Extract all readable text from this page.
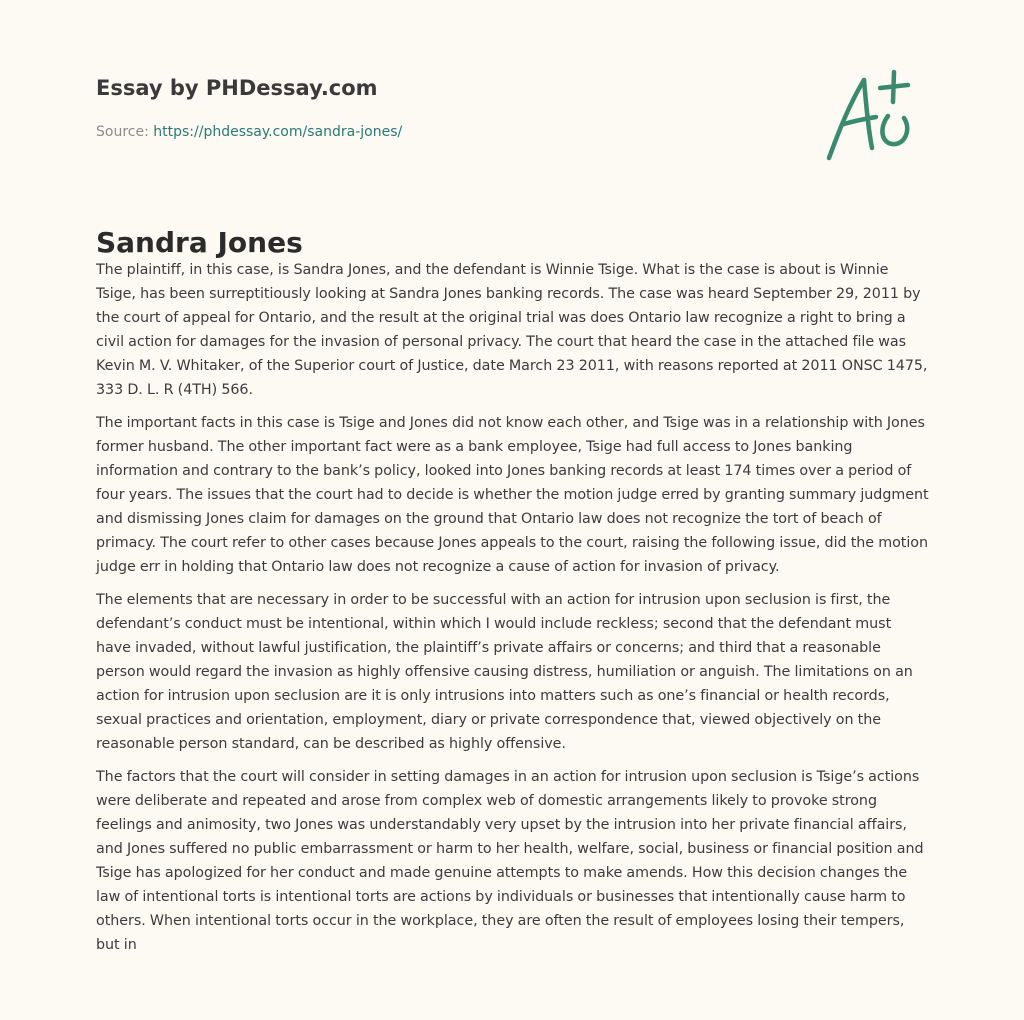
Essay by PHDessay.com

Source: https://phdessay.com/sandra-jones/

Sandra Jones

The plaintiff, in this case, is Sandra Jones, and the defendant is Winnie Tsige. What is the case is about is Winnie Tsige, has been surreptitiously looking at Sandra Jones banking records. The case was heard September 29, 2011 by the court of appeal for Ontario, and the result at the original trial was does Ontario law recognize a right to bring a civil action for damages for the invasion of personal privacy. The court that heard the case in the attached file was Kevin M. V. Whitaker, of the Superior court of Justice, date March 23 2011, with reasons reported at 2011 ONSC 1475, 333 D. L. R (4TH) 566.

The important facts in this case is Tsige and Jones did not know each other, and Tsige was in a relationship with Jones former husband. The other important fact were as a bank employee, Tsige had full access to Jones banking information and contrary to the bank’s policy, looked into Jones banking records at least 174 times over a period of four years. The issues that the court had to decide is whether the motion judge erred by granting summary judgment and dismissing Jones claim for damages on the ground that Ontario law does not recognize the tort of beach of primacy. The court refer to other cases because Jones appeals to the court, raising the following issue, did the motion judge err in holding that Ontario law does not recognize a cause of action for invasion of privacy.

The elements that are necessary in order to be successful with an action for intrusion upon seclusion is first, the defendant’s conduct must be intentional, within which I would include reckless; second that the defendant must have invaded, without lawful justification, the plaintiff’s private affairs or concerns; and third that a reasonable person would regard the invasion as highly offensive causing distress, humiliation or anguish. The limitations on an action for intrusion upon seclusion are it is only intrusions into matters such as one’s financial or health records, sexual practices and orientation, employment, diary or private correspondence that, viewed objectively on the reasonable person standard, can be described as highly offensive.

The factors that the court will consider in setting damages in an action for intrusion upon seclusion is Tsige’s actions were deliberate and repeated and arose from complex web of domestic arrangements likely to provoke strong feelings and animosity, two Jones was understandably very upset by the intrusion into her private financial affairs, and Jones suffered no public embarrassment or harm to her health, welfare, social, business or financial position and Tsige has apologized for her conduct and made genuine attempts to make amends. How this decision changes the law of intentional torts is intentional torts are actions by individuals or businesses that intentionally cause harm to others. When intentional torts occur in the workplace, they are often the result of employees losing their tempers, but in
